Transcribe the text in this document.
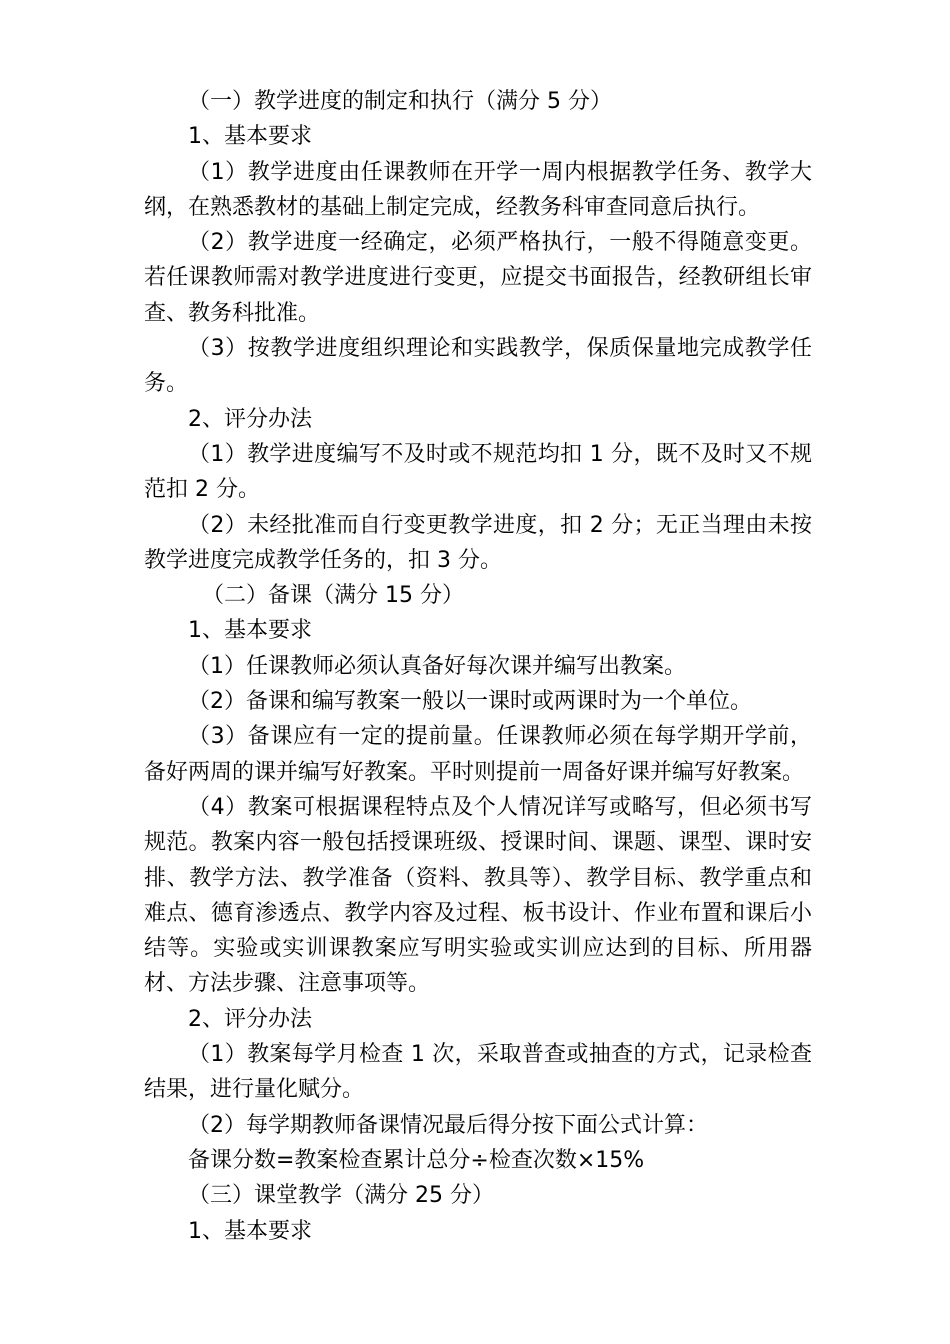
（一）教学进度的制定和执行（满分 5 分）

1、基本要求

（1）教学进度由任课教师在开学一周内根据教学任务、教学大纲，在熟悉教材的基础上制定完成，经教务科审查同意后执行。

（2）教学进度一经确定，必须严格执行，一般不得随意变更。若任课教师需对教学进度进行变更，应提交书面报告，经教研组长审查、教务科批准。

（3）按教学进度组织理论和实践教学，保质保量地完成教学任务。

2、评分办法

（1）教学进度编写不及时或不规范均扣 1 分，既不及时又不规范扣 2 分。

（2）未经批准而自行变更教学进度，扣 2 分；无正当理由未按教学进度完成教学任务的，扣 3 分。

（二）备课（满分 15 分）

1、基本要求

（1）任课教师必须认真备好每次课并编写出教案。

（2）备课和编写教案一般以一课时或两课时为一个单位。

（3）备课应有一定的提前量。任课教师必须在每学期开学前，备好两周的课并编写好教案。平时则提前一周备好课并编写好教案。

（4）教案可根据课程特点及个人情况详写或略写，但必须书写规范。教案内容一般包括授课班级、授课时间、课题、课型、课时安排、教学方法、教学准备（资料、教具等）、教学目标、教学重点和难点、德育渗透点、教学内容及过程、板书设计、作业布置和课后小结等。实验或实训课教案应写明实验或实训应达到的目标、所用器材、方法步骤、注意事项等。

2、评分办法

（1）教案每学月检查 1 次，采取普查或抽查的方式，记录检查结果，进行量化赋分。

（2）每学期教师备课情况最后得分按下面公式计算：

备课分数=教案检查累计总分÷检查次数×15%

（三）课堂教学（满分 25 分）

1、基本要求
